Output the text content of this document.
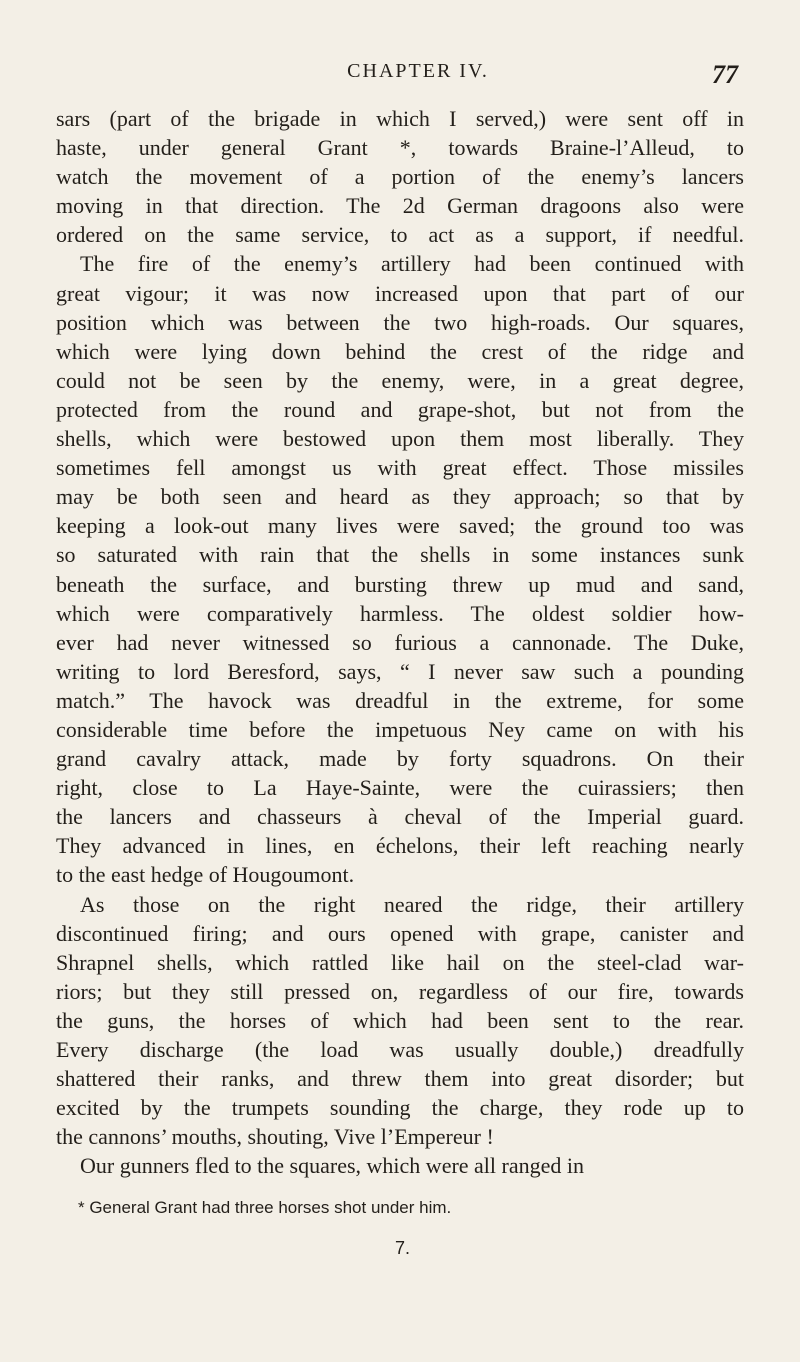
CHAPTER IV.	77
sars (part of the brigade in which I served,) were sent off in
haste, under general Grant *, towards Braine-l’Alleud, to
watch the movement of a portion of the enemy’s lancers
moving in that direction. The 2d German dragoons also were
ordered on the same service, to act as a support, if needful.
The fire of the enemy’s artillery had been continued with
great vigour; it was now increased upon that part of our
position which was between the two high-roads. Our squares,
which were lying down behind the crest of the ridge and
could not be seen by the enemy, were, in a great degree,
protected from the round and grape-shot, but not from the
shells, which were bestowed upon them most liberally. They
sometimes fell amongst us with great effect. Those missiles
may be both seen and heard as they approach; so that by
keeping a look-out many lives were saved; the ground too was
so saturated with rain that the shells in some instances sunk
beneath the surface, and bursting threw up mud and sand,
which were comparatively harmless. The oldest soldier how-
ever had never witnessed so furious a cannonade. The Duke,
writing to lord Beresford, says, “ I never saw such a pounding
match.” The havock was dreadful in the extreme, for some
considerable time before the impetuous Ney came on with his
grand cavalry attack, made by forty squadrons. On their
right, close to La Haye-Sainte, were the cuirassiers; then
the lancers and chasseurs à cheval of the Imperial guard.
They advanced in lines, en échelons, their left reaching nearly
to the east hedge of Hougoumont.
As those on the right neared the ridge, their artillery
discontinued firing; and ours opened with grape, canister and
Shrapnel shells, which rattled like hail on the steel-clad war-
riors; but they still pressed on, regardless of our fire, towards
the guns, the horses of which had been sent to the rear.
Every discharge (the load was usually double,) dreadfully
shattered their ranks, and threw them into great disorder; but
excited by the trumpets sounding the charge, they rode up to
the cannons’ mouths, shouting, Vive l’Empereur !
Our gunners fled to the squares, which were all ranged in
* General Grant had three horses shot under him.
7.
